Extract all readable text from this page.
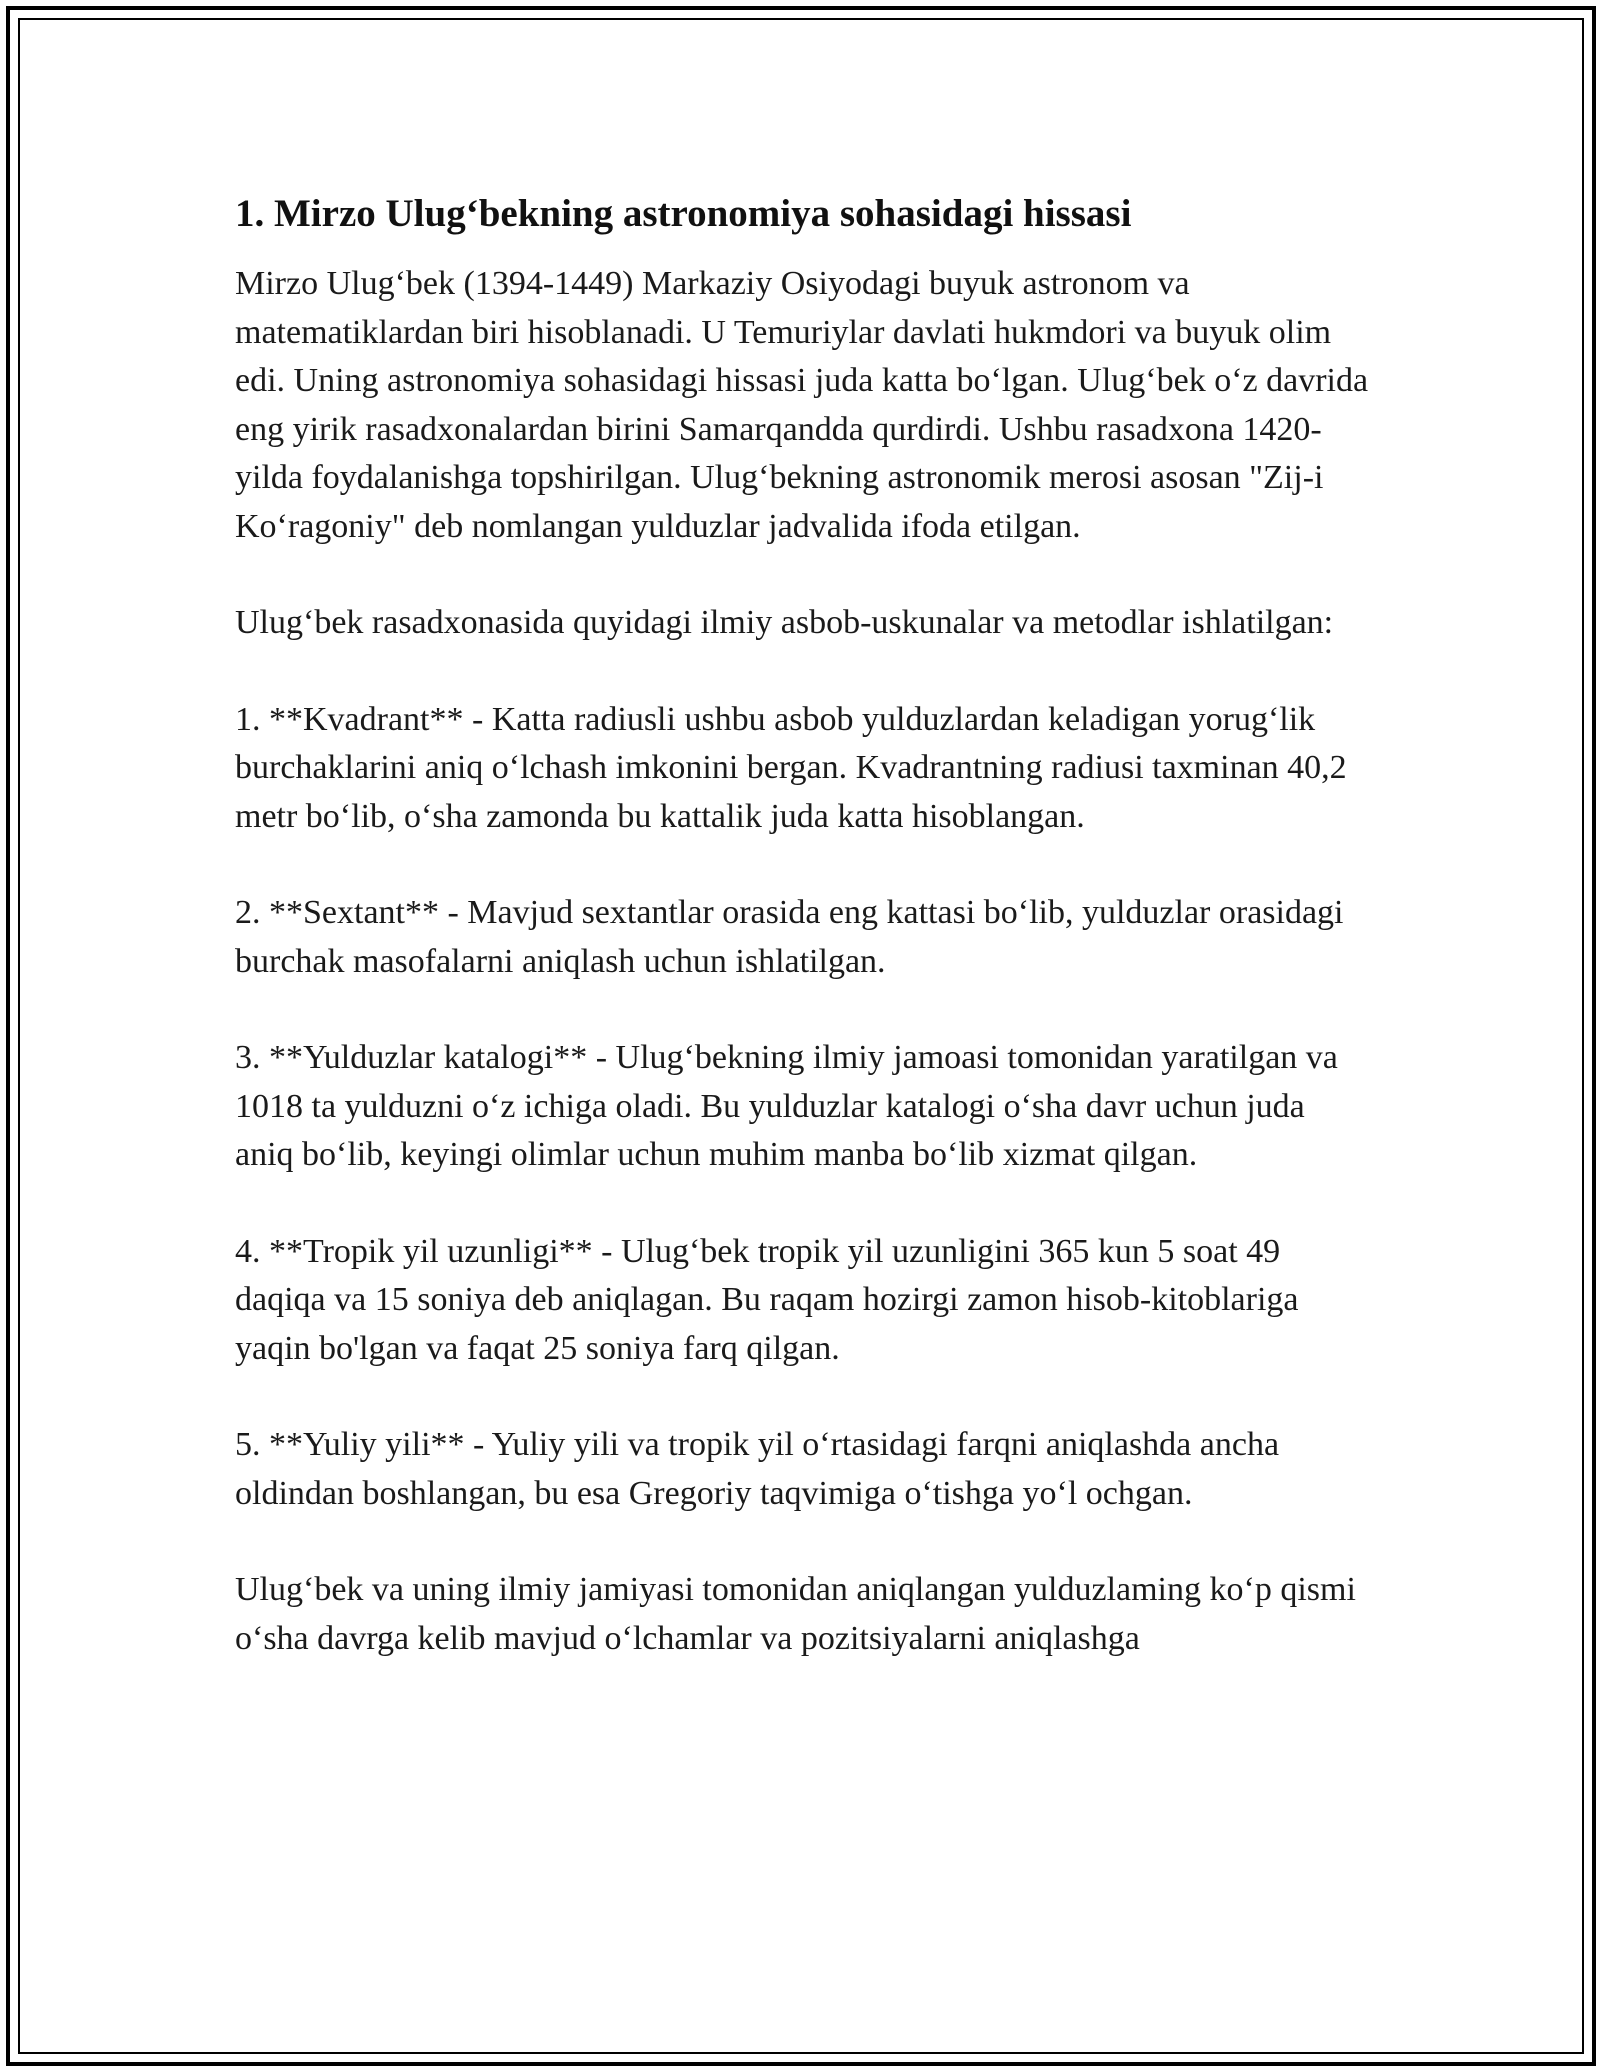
1. Mirzo Ulug‘bekning astronomiya sohasidagi hissasi

Mirzo Ulug‘bek (1394-1449) Markaziy Osiyodagi buyuk astronom va matematiklardan biri hisoblanadi. U Temuriylar davlati hukmdori va buyuk olim edi. Uning astronomiya sohasidagi hissasi juda katta bo‘lgan. Ulug‘bek o‘z davrida eng yirik rasadxonalardan birini Samarqandda qurdirdi. Ushbu rasadxona 1420-yilda foydalanishga topshirilgan. Ulug‘bekning astronomik merosi asosan "Zij-i Ko‘ragoniy" deb nomlangan yulduzlar jadvalida ifoda etilgan.

Ulug‘bek rasadxonasida quyidagi ilmiy asbob-uskunalar va metodlar ishlatilgan:

1. **Kvadrant** - Katta radiusli ushbu asbob yulduzlardan keladigan yorug‘lik burchaklarini aniq o‘lchash imkonini bergan. Kvadrantning radiusi taxminan 40,2 metr bo‘lib, o‘sha zamonda bu kattalik juda katta hisoblangan.

2. **Sextant** - Mavjud sextantlar orasida eng kattasi bo‘lib, yulduzlar orasidagi burchak masofalarni aniqlash uchun ishlatilgan.

3. **Yulduzlar katalogi** - Ulug‘bekning ilmiy jamoasi tomonidan yaratilgan va 1018 ta yulduzni o‘z ichiga oladi. Bu yulduzlar katalogi o‘sha davr uchun juda aniq bo‘lib, keyingi olimlar uchun muhim manba bo‘lib xizmat qilgan.

4. **Tropik yil uzunligi** - Ulug‘bek tropik yil uzunligini 365 kun 5 soat 49 daqiqa va 15 soniya deb aniqlagan. Bu raqam hozirgi zamon hisob-kitoblariga yaqin bo'lgan va faqat 25 soniya farq qilgan.

5. **Yuliy yili** - Yuliy yili va tropik yil o‘rtasidagi farqni aniqlashda ancha oldindan boshlangan, bu esa Gregoriy taqvimiga o‘tishga yo‘l ochgan.

Ulug‘bek va uning ilmiy jamiyasi tomonidan aniqlangan yulduzlaming ko‘p qismi o‘sha davrga kelib mavjud o‘lchamlar va pozitsiyalarni aniqlashga
